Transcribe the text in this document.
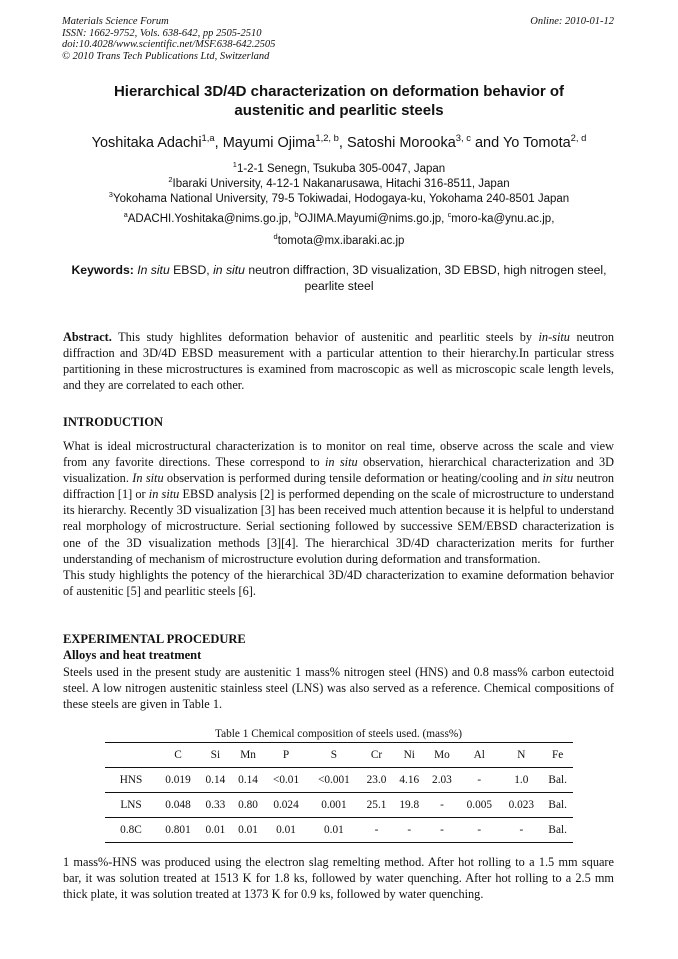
Materials Science Forum
ISSN: 1662-9752, Vols. 638-642, pp 2505-2510
doi:10.4028/www.scientific.net/MSF.638-642.2505
© 2010 Trans Tech Publications Ltd, Switzerland
Online: 2010-01-12
Hierarchical 3D/4D characterization on deformation behavior of
austenitic and pearlitic steels
Yoshitaka Adachi$^{1,a}$, Mayumi Ojima$^{1,2, b}$, Satoshi Morooka$^{3, c}$ and Yo Tomota$^{2, d}$
$^1$1-2-1 Senegn, Tsukuba 305-0047, Japan
$^2$Ibaraki University, 4-12-1 Nakanarusawa, Hitachi 316-8511, Japan
$^3$Yokohama National University, 79-5 Tokiwadai, Hodogaya-ku, Yokohama 240-8501 Japan
$^a$ADACHI.Yoshitaka@nims.go.jp, $^b$OJIMA.Mayumi@nims.go.jp, $^c$moro-ka@ynu.ac.jp,
$^d$tomota@mx.ibaraki.ac.jp
Keywords: In situ EBSD, in situ neutron diffraction, 3D visualization, 3D EBSD, high nitrogen steel, pearlite steel
Abstract. This study highlites deformation behavior of austenitic and pearlitic steels by in-situ neutron diffraction and 3D/4D EBSD measurement with a particular attention to their hierarchy.In particular stress partitioning in these microstructures is examined from macroscopic as well as microscopic scale length levels, and they are correlated to each other.
INTRODUCTION
What is ideal microstructural characterization is to monitor on real time, observe across the scale and view from any favorite directions. These correspond to in situ observation, hierarchical characterization and 3D visualization. In situ observation is performed during tensile deformation or heating/cooling and in situ neutron diffraction [1] or in situ EBSD analysis [2] is performed depending on the scale of microstructure to understand its hierarchy. Recently 3D visualization [3] has been received much attention because it is helpful to understand real morphology of microstructure. Serial sectioning followed by successive SEM/EBSD characterization is one of the 3D visualization methods [3][4]. The hierarchical 3D/4D characterization merits for further understanding of mechanism of microstructure evolution during deformation and transformation.
This study highlights the potency of the hierarchical 3D/4D characterization to examine deformation behavior of austenitic [5] and pearlitic steels [6].
EXPERIMENTAL PROCEDURE
Alloys and heat treatment
Steels used in the present study are austenitic 1 mass% nitrogen steel (HNS) and 0.8 mass% carbon eutectoid steel. A low nitrogen austenitic stainless steel (LNS) was also served as a reference. Chemical compositions of these steels are given in Table 1.
Table 1 Chemical composition of steels used. (mass%)
	C	Si	Mn	P	S	Cr	Ni	Mo	Al	N	Fe
HNS	0.019	0.14	0.14	<0.01	<0.001	23.0	4.16	2.03	-	1.0	Bal.
LNS	0.048	0.33	0.80	0.024	0.001	25.1	19.8	-	0.005	0.023	Bal.
0.8C	0.801	0.01	0.01	0.01	0.01	-	-	-	-	-	Bal.
1 mass%-HNS was produced using the electron slag remelting method. After hot rolling to a 1.5 mm square bar, it was solution treated at 1513 K for 1.8 ks, followed by water quenching. After hot rolling to a 2.5 mm thick plate, it was solution treated at 1373 K for 0.9 ks, followed by water quenching.
